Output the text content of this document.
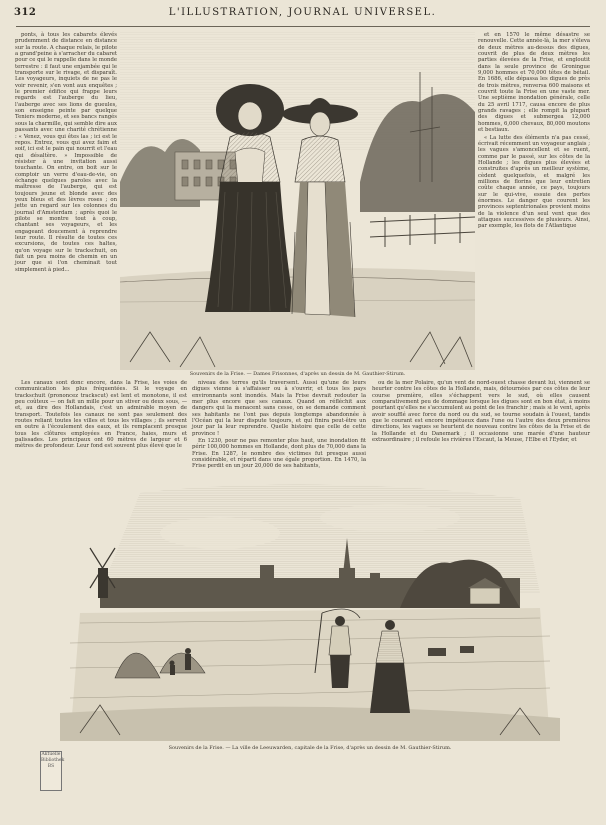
312	L'ILLUSTRATION, JOURNAL UNIVERSEL.

ponts, à tous les cabarets élevés prudemment de distance en distance sur la route. A chaque relais, le pilote a grand'peine à s'arracher du cabaret pour ce qui le rappelle dans le monde terrestre : il faut une enjambée qui le transporte sur le rivage, et disparaît. Les voyageurs, inquiets de ne pas le voir revenir, s'en vont aux enquêtes ; le premier édifice qui frappe leurs regards est l'auberge du lieu, l'auberge avec ses lions de gueules, son enseigne peinte par quelque Teniers moderne, et ses bancs rangés sous la charmille, qui semble dire aux passants avec une charité chrétienne : « Venez, vous qui êtes las ; ici est le repos. Entrez, vous qui avez faim et soif, ici est le pain qui nourrit et l'eau qui désaltère. » Impossible de résister à une invitation aussi touchante. On entre, on boit sur le comptoir un verre d'eau-de-vie, on échange quelques paroles avec la maîtresse de l'auberge, qui est toujours jeune et blonde avec des yeux bleus et des lèvres roses ; on jette un regard sur les colonnes du journal d'Amsterdam ; après quoi le pilote se montre tout à coup, chantant ses voyageurs, et les engageant doucement à reprendre leur route. Il résulte de toutes ces excursions, de toutes ces haltes, qu'on voyage sur le trackschuit, on fait un peu moins de chemin en un jour que si l'on cheminait tout simplement à pied...

et en 1570 le même désastre se renouvelle. Cette année-là, la mer s'éleva de deux mètres au-dessus des digues, couvrit de plus de deux mètres les parties élevées de la Frise, et engloutit dans la seule province de Groningue 9,000 hommes et 70,000 têtes de bétail. En 1686, elle dépassa les digues de près de trois mètres, renversa 600 maisons et couvrit toute la Frise en une vaste mer. Une septième inondation générale, celle du 25 avril 1717, causa encore de plus grands ravages ; elle rompit la plupart des digues et submergea 12,000 hommes, 6,000 chevaux, 80,000 moutons et bestiaux.

« La lutte des éléments n'a pas cessé, écrivait récemment un voyageur anglais ; les vagues s'amoncellent et se ruent, comme par le passé, sur les côtes de la Hollande ; les digues plus élevées et construites d'après un meilleur système, cèdent quelquefois, et malgré les millions de florins que leur entretien coûte chaque année, ce pays, toujours sur le qui-vive, essuie des pertes énormes. Le danger que courent les provinces septentrionales provient moins de la violence d'un seul vent que des attaques successives de plusieurs. Ainsi, par exemple, les flots de l'Atlantique

Souvenirs de la Frise. — Dames Frisonnes, d'après un dessin de M. Gauthier-Stirum.

Les canaux sont donc encore, dans la Frise, les voies de communication les plus fréquentées. Si le voyage en trackschuit (prononcez trackscut) est lent et monotone, il est peu coûteux — on fait un mille pour un stiver ou deux sous, — et, au dire des Hollandais, c'est un admirable moyen de transport. Toutefois les canaux ne sont pas seulement des routes reliant toutes les villes et tous les villages ; ils servent en outre à l'écoulement des eaux, et ils remplacent presque tous les clôtures employées en France, haies, murs et palissades. Les principaux ont 60 mètres de largeur et 6 mètres de profondeur. Leur fond est souvent plus élevé que le

niveau des terres qu'ils traversent. Aussi qu'une de leurs digues vienne à s'affaisser ou à s'ouvrir, et tous les pays environnants sont inondés. Mais la Frise devrait redouter la mer plus encore que ses canaux. Quand on réfléchit aux dangers qui la menacent sans cesse, on se demande comment ses habitants ne l'ont pas depuis longtemps abandonnée à l'Océan qui la leur dispute toujours, et qui finira peut-être un jour par la leur reprendre. Quelle histoire que celle de cette province !

En 1230, pour ne pas remonter plus haut, une inondation fit périr 100,000 hommes en Hollande, dont plus de 70,000 dans la Frise. En 1287, le nombre des victimes fut presque aussi considérable, et réparti dans une égale proportion. En 1470, la Frise perdit en un jour 20,000 de ses habitants,

ou de la mer Polaire, qu'un vent de nord-ouest chasse devant lui, viennent se heurter contre les côtes de la Hollande, mais, détournées par ces côtes de leur course première, elles s'échappent vers le sud, où elles causent comparativement peu de dommage lorsque les digues sont en bon état, à moins pourtant qu'elles ne s'accumulent au point de les franchir ; mais si le vent, après avoir soufflé avec force du nord ou du sud, se tourne soudain à l'ouest, tandis que le courant est encore impétueux dans l'une ou l'autre des deux premières directions, les vagues se heurtent de nouveau contre les côtes de la Frise et de la Hollande et du Danemark ; il occasionne une marée d'une hauteur extraordinaire ; il refoule les rivières l'Escaut, la Meuse, l'Elbe et l'Eyder, et

Souvenirs de la Frise. — La ville de Leeuwarden, capitale de la Frise, d'après un dessin de M. Gauthier-Stirum.
Aktuelle
Bibliothek
BS
